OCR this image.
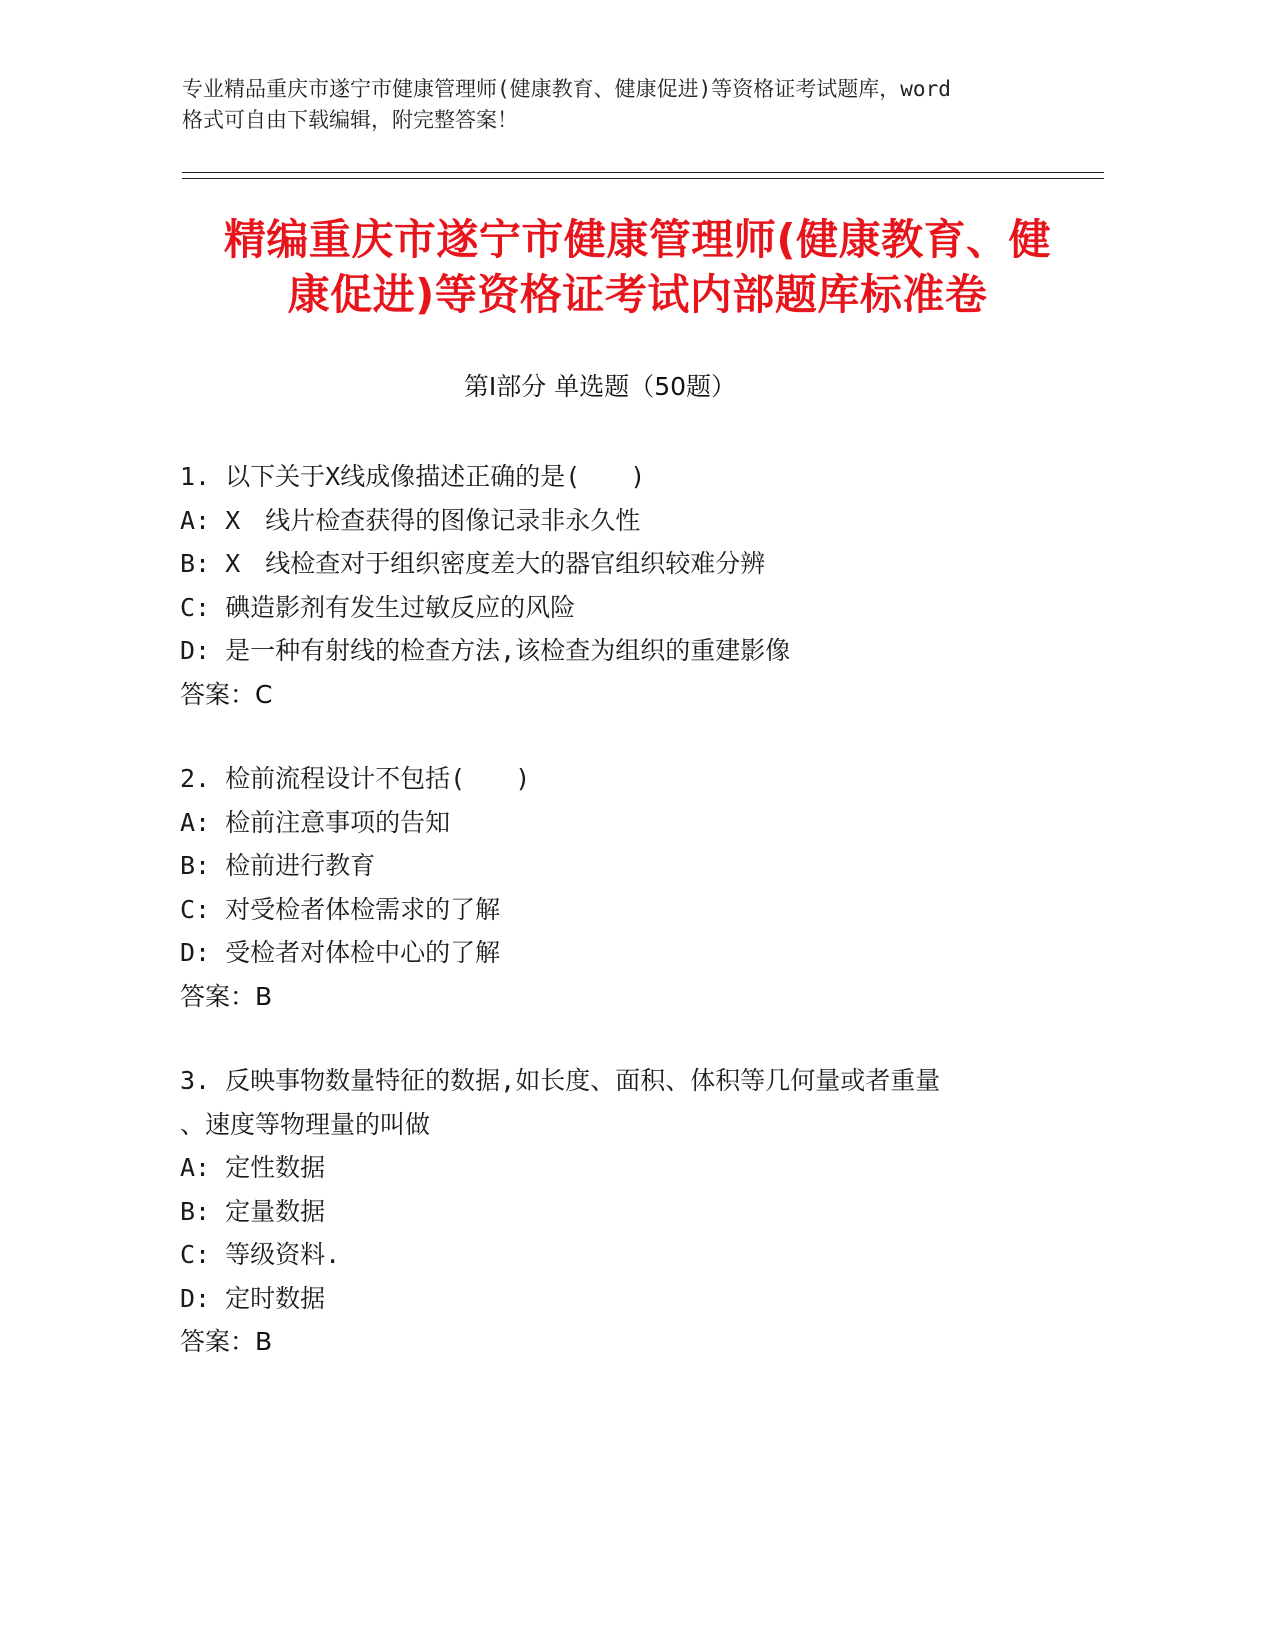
专业精品重庆市遂宁市健康管理师(健康教育、健康促进)等资格证考试题库，word
格式可自由下载编辑，附完整答案！
精编重庆市遂宁市健康管理师(健康教育、健
康促进)等资格证考试内部题库标准卷
第Ⅰ部分 单选题（50题）
1. 以下关于X线成像描述正确的是(　　)
A: X　线片检查获得的图像记录非永久性
B: X　线检查对于组织密度差大的器官组织较难分辨
C: 碘造影剂有发生过敏反应的风险
D: 是一种有射线的检查方法,该检查为组织的重建影像
答案：C
2. 检前流程设计不包括(　　)
A: 检前注意事项的告知
B: 检前进行教育
C: 对受检者体检需求的了解
D: 受检者对体检中心的了解
答案：B
3. 反映事物数量特征的数据,如长度、面积、体积等几何量或者重量
、速度等物理量的叫做
A: 定性数据
B: 定量数据
C: 等级资料.
D: 定时数据
答案：B
